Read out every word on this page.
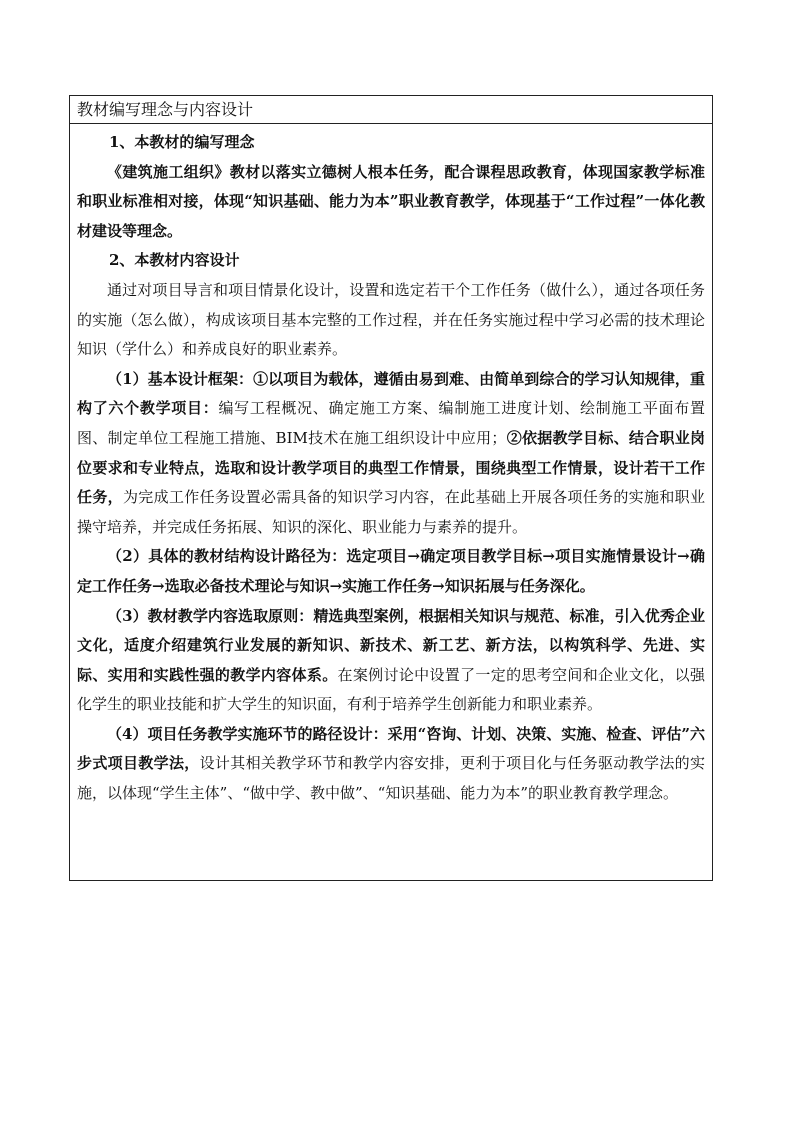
教材编写理念与内容设计

1、本教材的编写理念

《建筑施工组织》教材以落实立德树人根本任务，配合课程思政教育，体现国家教学标准和职业标准相对接，体现“知识基础、能力为本”职业教育教学，体现基于“工作过程”一体化教材建设等理念。

2、本教材内容设计

通过对项目导言和项目情景化设计，设置和选定若干个工作任务（做什么），通过各项任务的实施（怎么做），构成该项目基本完整的工作过程，并在任务实施过程中学习必需的技术理论知识（学什么）和养成良好的职业素养。

（1）基本设计框架：①以项目为载体，遵循由易到难、由简单到综合的学习认知规律，重构了六个教学项目：编写工程概况、确定施工方案、编制施工进度计划、绘制施工平面布置图、制定单位工程施工措施、BIM技术在施工组织设计中应用；②依据教学目标、结合职业岗位要求和专业特点，选取和设计教学项目的典型工作情景，围绕典型工作情景，设计若干工作任务，为完成工作任务设置必需具备的知识学习内容，在此基础上开展各项任务的实施和职业操守培养，并完成任务拓展、知识的深化、职业能力与素养的提升。

（2）具体的教材结构设计路径为：选定项目→确定项目教学目标→项目实施情景设计→确定工作任务→选取必备技术理论与知识→实施工作任务→知识拓展与任务深化。

（3）教材教学内容选取原则：精选典型案例，根据相关知识与规范、标准，引入优秀企业文化，适度介绍建筑行业发展的新知识、新技术、新工艺、新方法，以构筑科学、先进、实际、实用和实践性强的教学内容体系。在案例讨论中设置了一定的思考空间和企业文化，以强化学生的职业技能和扩大学生的知识面，有利于培养学生创新能力和职业素养。

（4）项目任务教学实施环节的路径设计：采用“咨询、计划、决策、实施、检查、评估”六步式项目教学法，设计其相关教学环节和教学内容安排，更利于项目化与任务驱动教学法的实施，以体现“学生主体”、“做中学、教中做”、“知识基础、能力为本”的职业教育教学理念。
